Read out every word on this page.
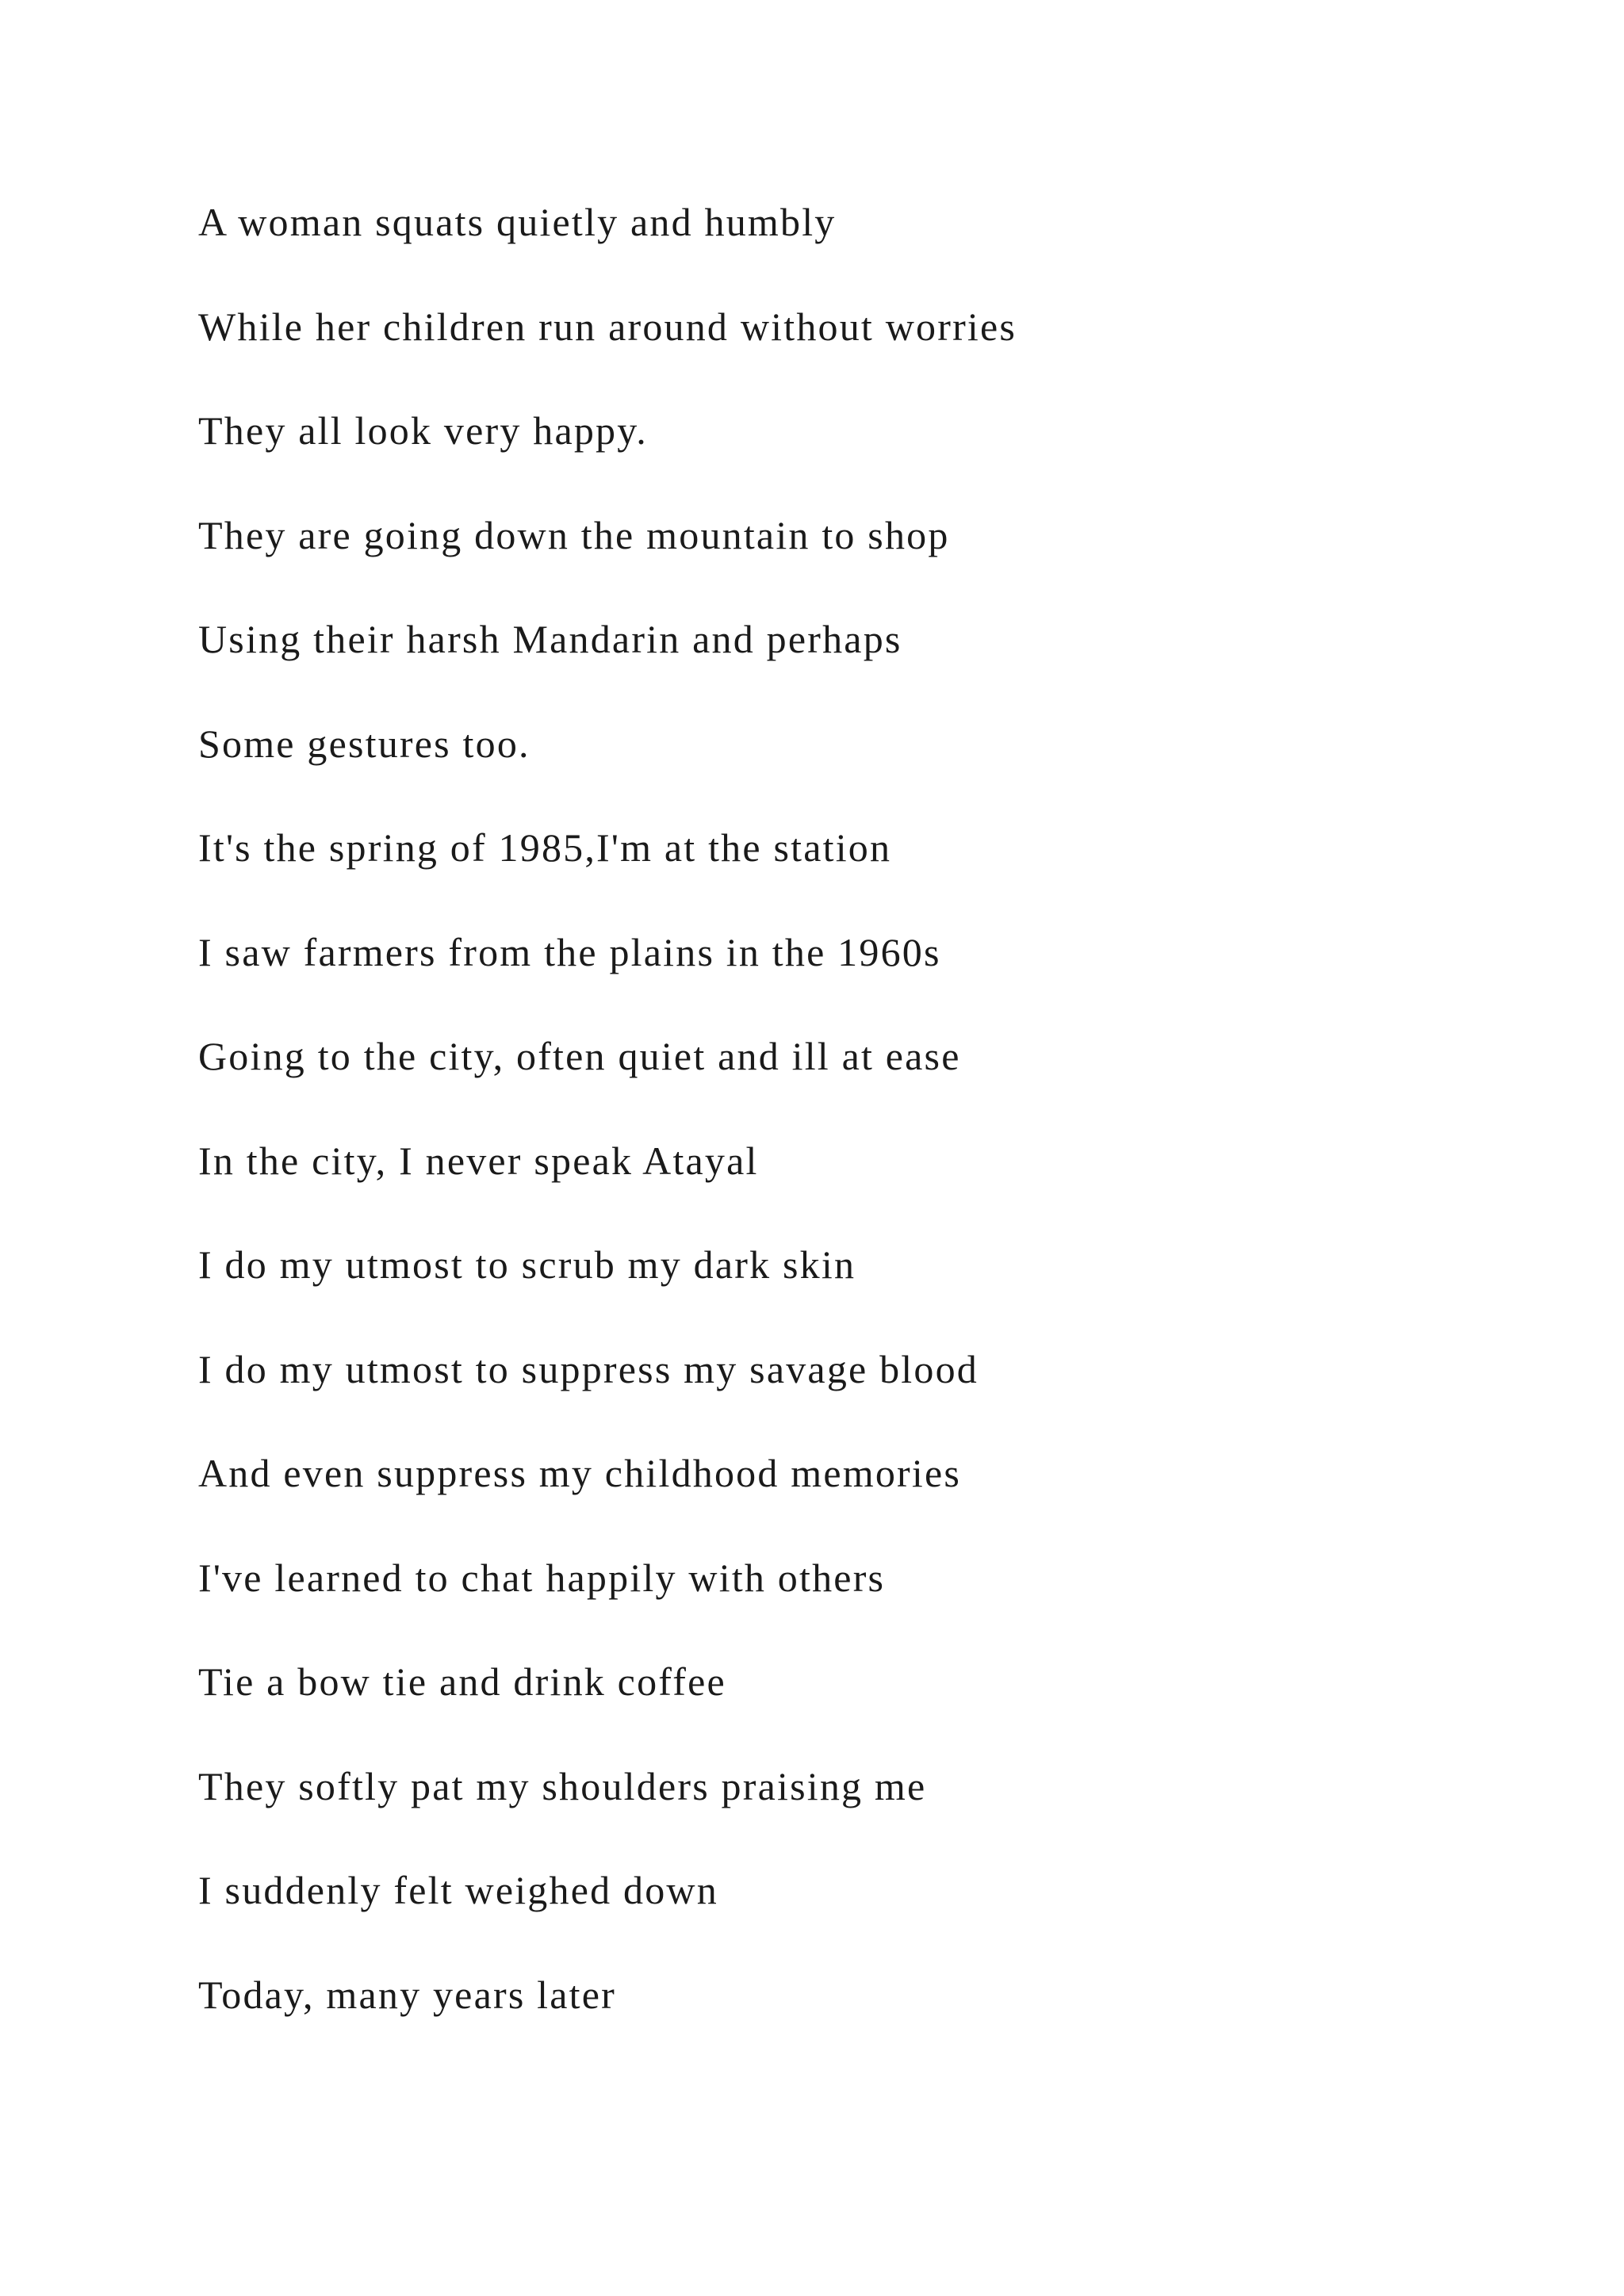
A woman squats quietly and humbly

While her children run around without worries

They all look very happy.

They are going down the mountain to shop

Using their harsh Mandarin and perhaps

Some gestures too.

It's the spring of 1985,I'm at the station

I saw farmers from the plains in the 1960s

Going to the city, often quiet and ill at ease

In the city, I never speak Atayal

I do my utmost to scrub my dark skin

I do my utmost to suppress my savage blood

And even suppress my childhood memories

I've learned to chat happily with others

Tie a bow tie and drink coffee

They softly pat my shoulders praising me

I suddenly felt weighed down

Today, many years later
